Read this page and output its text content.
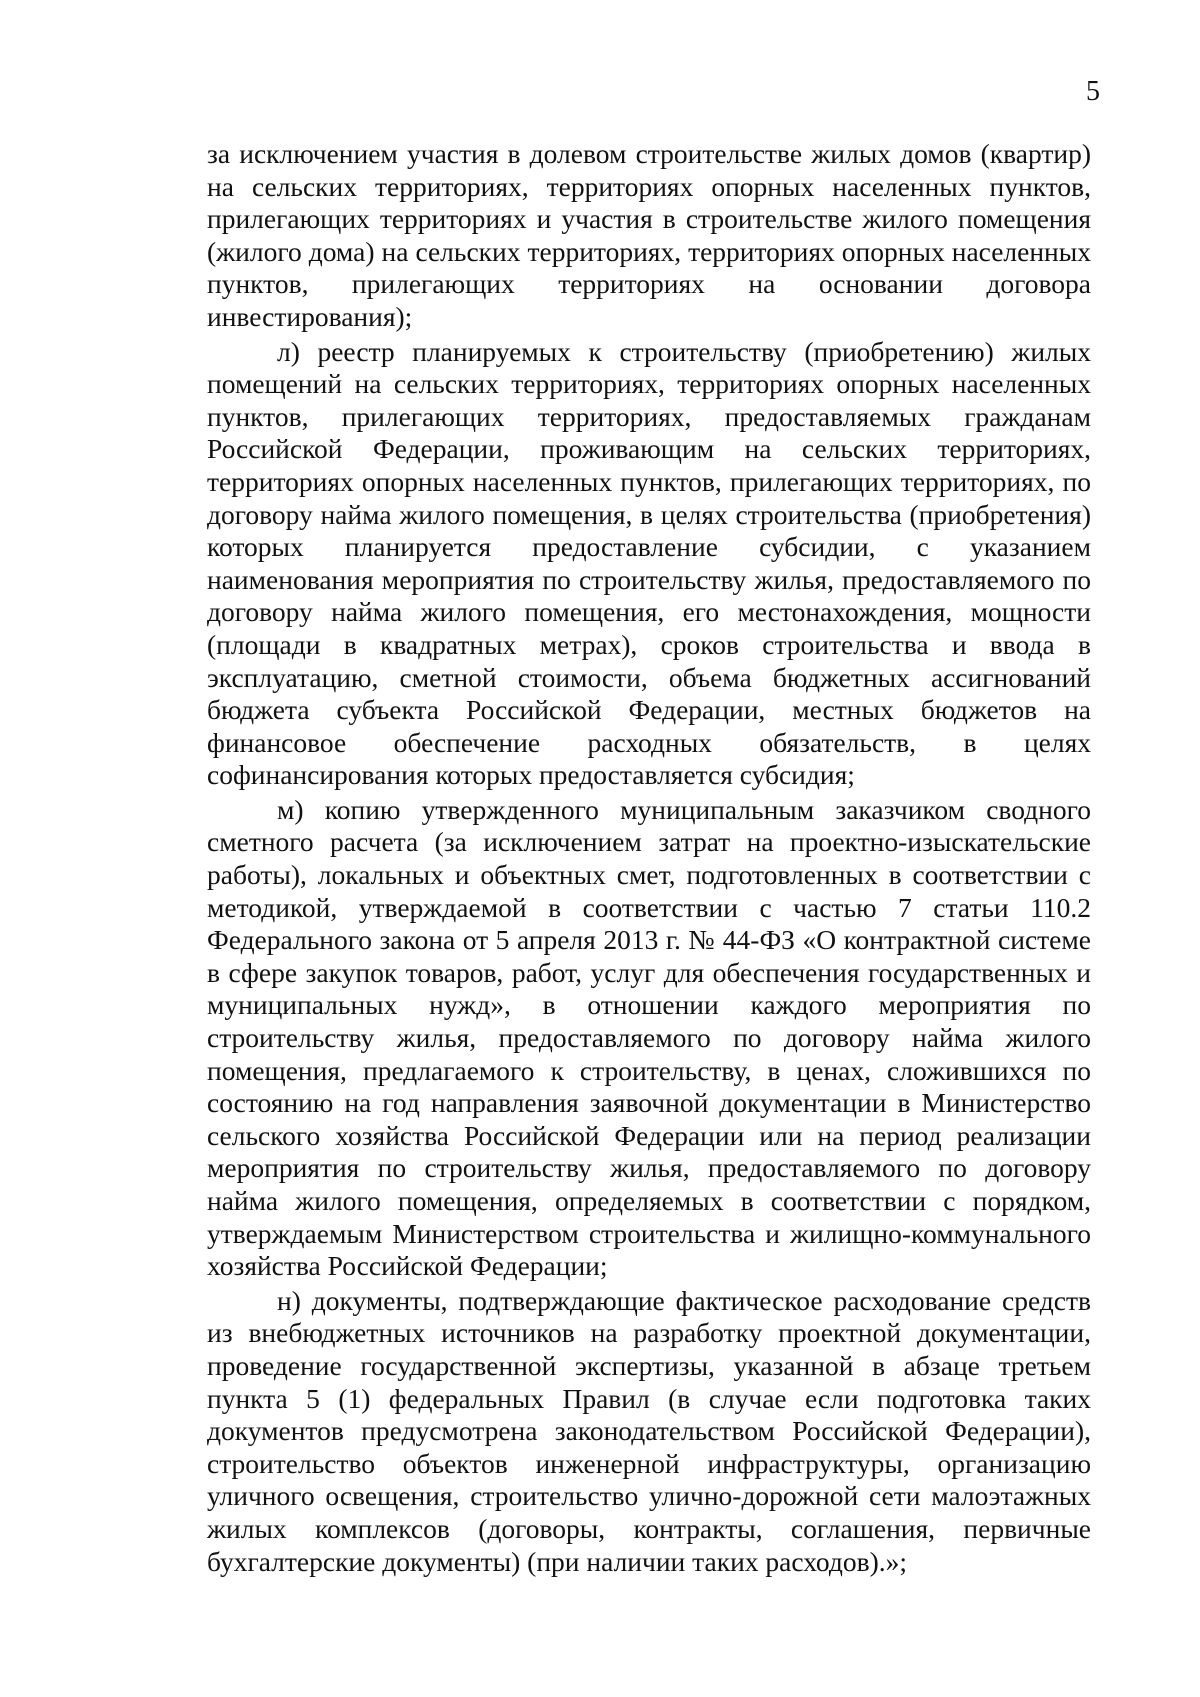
5

за исключением участия в долевом строительстве жилых домов (квартир) на сельских территориях, территориях опорных населенных пунктов, прилегающих территориях и участия в строительстве жилого помещения (жилого дома) на сельских территориях, территориях опорных населенных пунктов, прилегающих территориях на основании договора инвестирования);

л) реестр планируемых к строительству (приобретению) жилых помещений на сельских территориях, территориях опорных населенных пунктов, прилегающих территориях, предоставляемых гражданам Российской Федерации, проживающим на сельских территориях, территориях опорных населенных пунктов, прилегающих территориях, по договору найма жилого помещения, в целях строительства (приобретения) которых планируется предоставление субсидии, с указанием наименования мероприятия по строительству жилья, предоставляемого по договору найма жилого помещения, его местонахождения, мощности (площади в квадратных метрах), сроков строительства и ввода в эксплуатацию, сметной стоимости, объема бюджетных ассигнований бюджета субъекта Российской Федерации, местных бюджетов на финансовое обеспечение расходных обязательств, в целях софинансирования которых предоставляется субсидия;

м) копию утвержденного муниципальным заказчиком сводного сметного расчета (за исключением затрат на проектно-изыскательские работы), локальных и объектных смет, подготовленных в соответствии с методикой, утверждаемой в соответствии с частью 7 статьи 110.2 Федерального закона от 5 апреля 2013 г. № 44-ФЗ «О контрактной системе в сфере закупок товаров, работ, услуг для обеспечения государственных и муниципальных нужд», в отношении каждого мероприятия по строительству жилья, предоставляемого по договору найма жилого помещения, предлагаемого к строительству, в ценах, сложившихся по состоянию на год направления заявочной документации в Министерство сельского хозяйства Российской Федерации или на период реализации мероприятия по строительству жилья, предоставляемого по договору найма жилого помещения, определяемых в соответствии с порядком, утверждаемым Министерством строительства и жилищно-коммунального хозяйства Российской Федерации;

н) документы, подтверждающие фактическое расходование средств из внебюджетных источников на разработку проектной документации, проведение государственной экспертизы, указанной в абзаце третьем пункта 5 (1) федеральных Правил (в случае если подготовка таких документов предусмотрена законодательством Российской Федерации), строительство объектов инженерной инфраструктуры, организацию уличного освещения, строительство улично-дорожной сети малоэтажных жилых комплексов (договоры, контракты, соглашения, первичные бухгалтерские документы) (при наличии таких расходов).»;
